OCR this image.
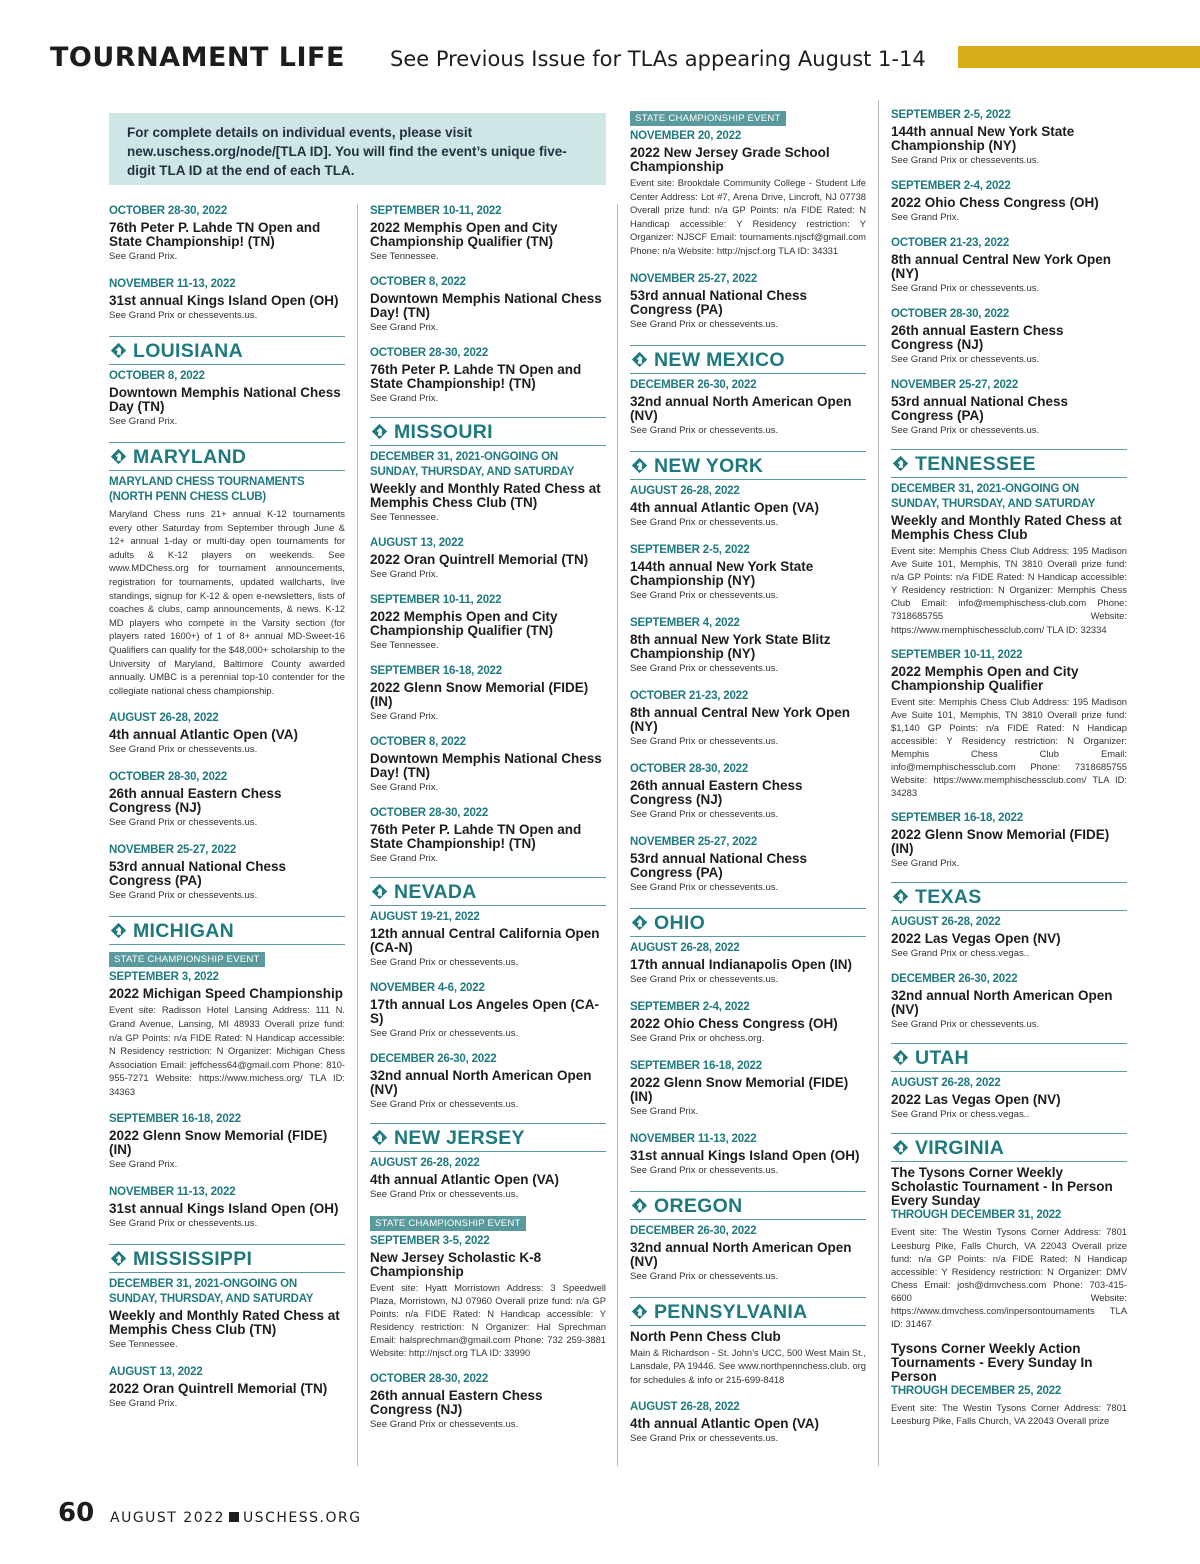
TOURNAMENT LIFE See Previous Issue for TLAs appearing August 1-14

For complete details on individual events, please visit new.uschess.org/node/[TLA ID]. You will find the event’s unique five-digit TLA ID at the end of each TLA.

OCTOBER 28-30, 2022
76th Peter P. Lahde TN Open and State Championship! (TN)
See Grand Prix.
NOVEMBER 11-13, 2022
31st annual Kings Island Open (OH)
See Grand Prix or chessevents.us.
LOUISIANA
OCTOBER 8, 2022
Downtown Memphis National Chess Day (TN)
See Grand Prix.
MARYLAND
MARYLAND CHESS TOURNAMENTS (NORTH PENN CHESS CLUB)
Maryland Chess runs 21+ annual K-12 tournaments every other Saturday from September through June & 12+ annual 1-day or multi-day open tournaments for adults & K-12 players on weekends. See www.MDChess.org for tournament announcements, registration for tournaments, updated wallcharts, live standings, signup for K-12 & open e-newsletters, lists of coaches & clubs, camp announcements, & news. K-12 MD players who compete in the Varsity section (for players rated 1600+) of 1 of 8+ annual MD-Sweet-16 Qualifiers can qualify for the $48,000+ scholarship to the University of Maryland, Baltimore County awarded annually. UMBC is a perennial top-10 contender for the collegiate national chess championship.
AUGUST 26-28, 2022
4th annual Atlantic Open (VA)
See Grand Prix or chessevents.us.
OCTOBER 28-30, 2022
26th annual Eastern Chess Congress (NJ)
See Grand Prix or chessevents.us.
NOVEMBER 25-27, 2022
53rd annual National Chess Congress (PA)
See Grand Prix or chessevents.us.
MICHIGAN
STATE CHAMPIONSHIP EVENT
SEPTEMBER 3, 2022
2022 Michigan Speed Championship
Event site: Radisson Hotel Lansing Address: 111 N. Grand Avenue, Lansing, MI 48933 Overall prize fund: n/a GP Points: n/a FIDE Rated: N Handicap accessible: N Residency restriction: N Organizer: Michigan Chess Association Email: jeffchess64@gmail.com Phone: 810-955-7271 Website: https://www.michess.org/ TLA ID: 34363
SEPTEMBER 16-18, 2022
2022 Glenn Snow Memorial (FIDE) (IN)
See Grand Prix.
NOVEMBER 11-13, 2022
31st annual Kings Island Open (OH)
See Grand Prix or chessevents.us.
MISSISSIPPI
DECEMBER 31, 2021-ONGOING ON SUNDAY, THURSDAY, AND SATURDAY
Weekly and Monthly Rated Chess at Memphis Chess Club (TN)
See Tennessee.
AUGUST 13, 2022
2022 Oran Quintrell Memorial (TN)
See Grand Prix.
SEPTEMBER 10-11, 2022
2022 Memphis Open and City Championship Qualifier (TN)
See Tennessee.
OCTOBER 8, 2022
Downtown Memphis National Chess Day! (TN)
See Grand Prix.
OCTOBER 28-30, 2022
76th Peter P. Lahde TN Open and State Championship! (TN)
See Grand Prix.
MISSOURI
DECEMBER 31, 2021-ONGOING ON SUNDAY, THURSDAY, AND SATURDAY
Weekly and Monthly Rated Chess at Memphis Chess Club (TN)
See Tennessee.
AUGUST 13, 2022
2022 Oran Quintrell Memorial (TN)
See Grand Prix.
SEPTEMBER 10-11, 2022
2022 Memphis Open and City Championship Qualifier (TN)
See Tennessee.
SEPTEMBER 16-18, 2022
2022 Glenn Snow Memorial (FIDE) (IN)
See Grand Prix.
OCTOBER 8, 2022
Downtown Memphis National Chess Day! (TN)
See Grand Prix.
OCTOBER 28-30, 2022
76th Peter P. Lahde TN Open and State Championship! (TN)
See Grand Prix.
NEVADA
AUGUST 19-21, 2022
12th annual Central California Open (CA-N)
See Grand Prix or chessevents.us.
NOVEMBER 4-6, 2022
17th annual Los Angeles Open (CA-S)
See Grand Prix or chessevents.us.
DECEMBER 26-30, 2022
32nd annual North American Open (NV)
See Grand Prix or chessevents.us.
NEW JERSEY
AUGUST 26-28, 2022
4th annual Atlantic Open (VA)
See Grand Prix or chessevents.us.
STATE CHAMPIONSHIP EVENT
SEPTEMBER 3-5, 2022
New Jersey Scholastic K-8 Championship
Event site: Hyatt Morristown Address: 3 Speedwell Plaza, Morristown, NJ 07960 Overall prize fund: n/a GP Points: n/a FIDE Rated: N Handicap accessible: Y Residency restriction: N Organizer: Hal Sprechman Email: halsprechman@gmail.com Phone: 732 259-3881 Website: http://njscf.org TLA ID: 33990
OCTOBER 28-30, 2022
26th annual Eastern Chess Congress (NJ)
See Grand Prix or chessevents.us.
STATE CHAMPIONSHIP EVENT
NOVEMBER 20, 2022
2022 New Jersey Grade School Championship
Event site: Brookdale Community College - Student Life Center Address: Lot #7, Arena Drive, Lincroft, NJ 07738 Overall prize fund: n/a GP Points: n/a FIDE Rated: N Handicap accessible: Y Residency restriction: Y Organizer: NJSCF Email: tournaments.njscf@gmail.com Phone: n/a Website: http://njscf.org TLA ID: 34331
NOVEMBER 25-27, 2022
53rd annual National Chess Congress (PA)
See Grand Prix or chessevents.us.
NEW MEXICO
DECEMBER 26-30, 2022
32nd annual North American Open (NV)
See Grand Prix or chessevents.us.
NEW YORK
AUGUST 26-28, 2022
4th annual Atlantic Open (VA)
See Grand Prix or chessevents.us.
SEPTEMBER 2-5, 2022
144th annual New York State Championship (NY)
See Grand Prix or chessevents.us.
SEPTEMBER 4, 2022
8th annual New York State Blitz Championship (NY)
See Grand Prix or chessevents.us.
OCTOBER 21-23, 2022
8th annual Central New York Open (NY)
See Grand Prix or chessevents.us.
OCTOBER 28-30, 2022
26th annual Eastern Chess Congress (NJ)
See Grand Prix or chessevents.us.
NOVEMBER 25-27, 2022
53rd annual National Chess Congress (PA)
See Grand Prix or chessevents.us.
OHIO
AUGUST 26-28, 2022
17th annual Indianapolis Open (IN)
See Grand Prix or chessevents.us.
SEPTEMBER 2-4, 2022
2022 Ohio Chess Congress (OH)
See Grand Prix or ohchess.org.
SEPTEMBER 16-18, 2022
2022 Glenn Snow Memorial (FIDE) (IN)
See Grand Prix.
NOVEMBER 11-13, 2022
31st annual Kings Island Open (OH)
See Grand Prix or chessevents.us.
OREGON
DECEMBER 26-30, 2022
32nd annual North American Open (NV)
See Grand Prix or chessevents.us.
PENNSYLVANIA
North Penn Chess Club
Main & Richardson - St. John’s UCC, 500 West Main St., Lansdale, PA 19446. See www.northpennchess.club. org for schedules & info or 215-699-8418
AUGUST 26-28, 2022
4th annual Atlantic Open (VA)
See Grand Prix or chessevents.us.
SEPTEMBER 2-5, 2022
144th annual New York State Championship (NY)
See Grand Prix or chessevents.us.
SEPTEMBER 2-4, 2022
2022 Ohio Chess Congress (OH)
See Grand Prix.
OCTOBER 21-23, 2022
8th annual Central New York Open (NY)
See Grand Prix or chessevents.us.
OCTOBER 28-30, 2022
26th annual Eastern Chess Congress (NJ)
See Grand Prix or chessevents.us.
NOVEMBER 25-27, 2022
53rd annual National Chess Congress (PA)
See Grand Prix or chessevents.us.
TENNESSEE
DECEMBER 31, 2021-ONGOING ON SUNDAY, THURSDAY, AND SATURDAY
Weekly and Monthly Rated Chess at Memphis Chess Club
Event site: Memphis Chess Club Address: 195 Madison Ave Suite 101, Memphis, TN 3810 Overall prize fund: n/a GP Points: n/a FIDE Rated: N Handicap accessible: Y Residency restriction: N Organizer: Memphis Chess Club Email: info@memphischess-club.com Phone: 7318685755 Website: https://www.memphischessclub.com/ TLA ID: 32334
SEPTEMBER 10-11, 2022
2022 Memphis Open and City Championship Qualifier
Event site: Memphis Chess Club Address: 195 Madison Ave Suite 101, Memphis, TN 3810 Overall prize fund: $1,140 GP Points: n/a FIDE Rated: N Handicap accessible: Y Residency restriction: N Organizer: Memphis Chess Club Email: info@memphischessclub.com Phone: 7318685755 Website: https://www.memphischessclub.com/ TLA ID: 34283
SEPTEMBER 16-18, 2022
2022 Glenn Snow Memorial (FIDE) (IN)
See Grand Prix.
TEXAS
AUGUST 26-28, 2022
2022 Las Vegas Open (NV)
See Grand Prix or chess.vegas..
DECEMBER 26-30, 2022
32nd annual North American Open (NV)
See Grand Prix or chessevents.us.
UTAH
AUGUST 26-28, 2022
2022 Las Vegas Open (NV)
See Grand Prix or chess.vegas..
VIRGINIA
The Tysons Corner Weekly Scholastic Tournament - In Person Every Sunday
THROUGH DECEMBER 31, 2022
Event site: The Westin Tysons Corner Address: 7801 Leesburg Pike, Falls Church, VA 22043 Overall prize fund: n/a GP Points: n/a FIDE Rated: N Handicap accessible: Y Residency restriction: N Organizer: DMV Chess Email: josh@dmvchess.com Phone: 703-415-6600 Website: https://www.dmvchess.com/inpersontournaments TLA ID: 31467
Tysons Corner Weekly Action Tournaments - Every Sunday In Person
THROUGH DECEMBER 25, 2022
Event site: The Westin Tysons Corner Address: 7801 Leesburg Pike, Falls Church, VA 22043 Overall prize
60 AUGUST 2022 USCHESS.ORG
